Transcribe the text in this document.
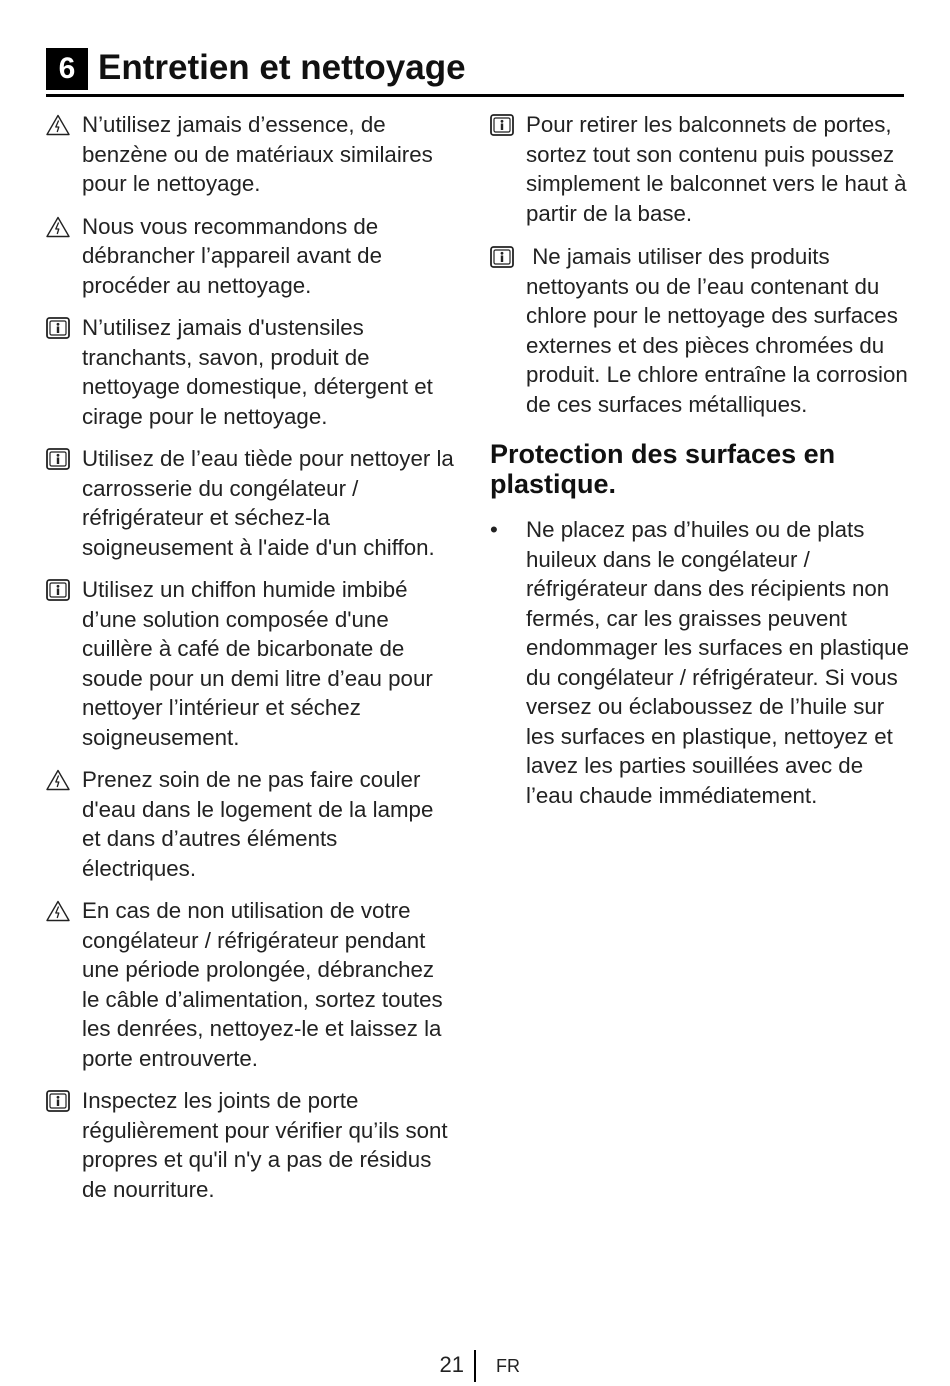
6 Entretien et nettoyage
N’utilisez jamais d’essence, de benzène ou de matériaux similaires pour le nettoyage.
Nous vous recommandons de débrancher l’appareil avant de procéder au nettoyage.
N’utilisez jamais d'ustensiles tranchants, savon, produit de nettoyage domestique, détergent et cirage pour le nettoyage.
Utilisez de l’eau tiède pour nettoyer la carrosserie du congélateur / réfrigérateur et séchez-la soigneusement à l'aide d'un chiffon.
Utilisez un chiffon humide imbibé d’une solution composée d'une cuillère à café de bicarbonate de soude pour un demi litre d’eau pour nettoyer l’intérieur et séchez soigneusement.
Prenez soin de ne pas faire couler d'eau dans le logement de la lampe et dans d’autres éléments électriques.
En cas de non utilisation de votre congélateur / réfrigérateur pendant une période prolongée, débranchez le câble d’alimentation, sortez toutes les denrées, nettoyez-le et laissez la porte entrouverte.
Inspectez les joints de porte régulièrement pour vérifier qu’ils sont propres et qu'il n'y a pas de résidus de nourriture.
Pour retirer les balconnets de portes, sortez tout son contenu puis poussez simplement le balconnet vers le haut à partir de la base.
Ne jamais utiliser des produits nettoyants ou de l’eau contenant du chlore pour le nettoyage des surfaces externes et des pièces chromées du produit. Le chlore entraîne la corrosion de ces surfaces métalliques.
Protection des surfaces en plastique.
•	Ne placez pas d’huiles ou de plats huileux dans le congélateur / réfrigérateur dans des récipients non fermés, car les graisses peuvent endommager les surfaces en plastique du congélateur / réfrigérateur. Si vous versez ou éclaboussez de l’huile sur les surfaces en plastique, nettoyez et lavez les parties souillées avec de l’eau chaude immédiatement.
21 FR
